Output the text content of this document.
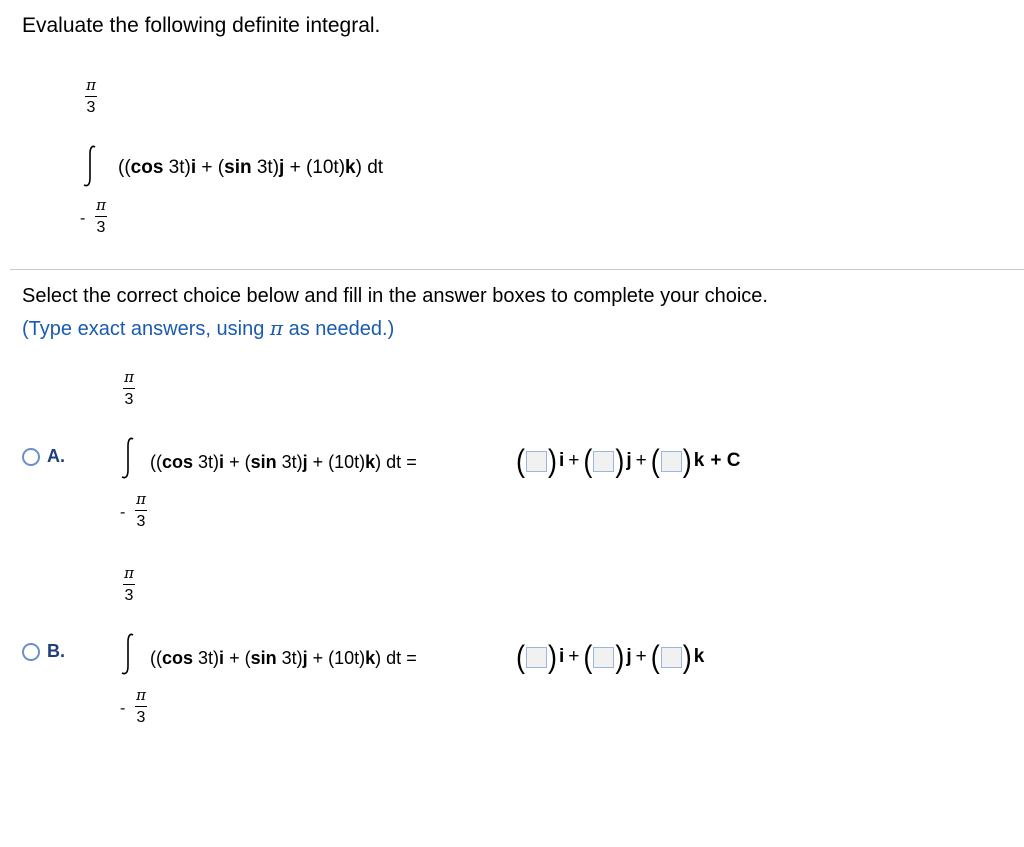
Evaluate the following definite integral.
π
3
((cos 3t)i + (sin 3t)j + (10t)k) dt
-
π
3
Select the correct choice below and fill in the answer boxes to complete your choice.
(Type exact answers, using π as needed.)
A.
π
3
((cos 3t)i + (sin 3t)j + (10t)k) dt =
-
π
3
( ) i + ( ) j + ( ) k + C
B.
π
3
((cos 3t)i + (sin 3t)j + (10t)k) dt =
-
π
3
( ) i + ( ) j + ( ) k
